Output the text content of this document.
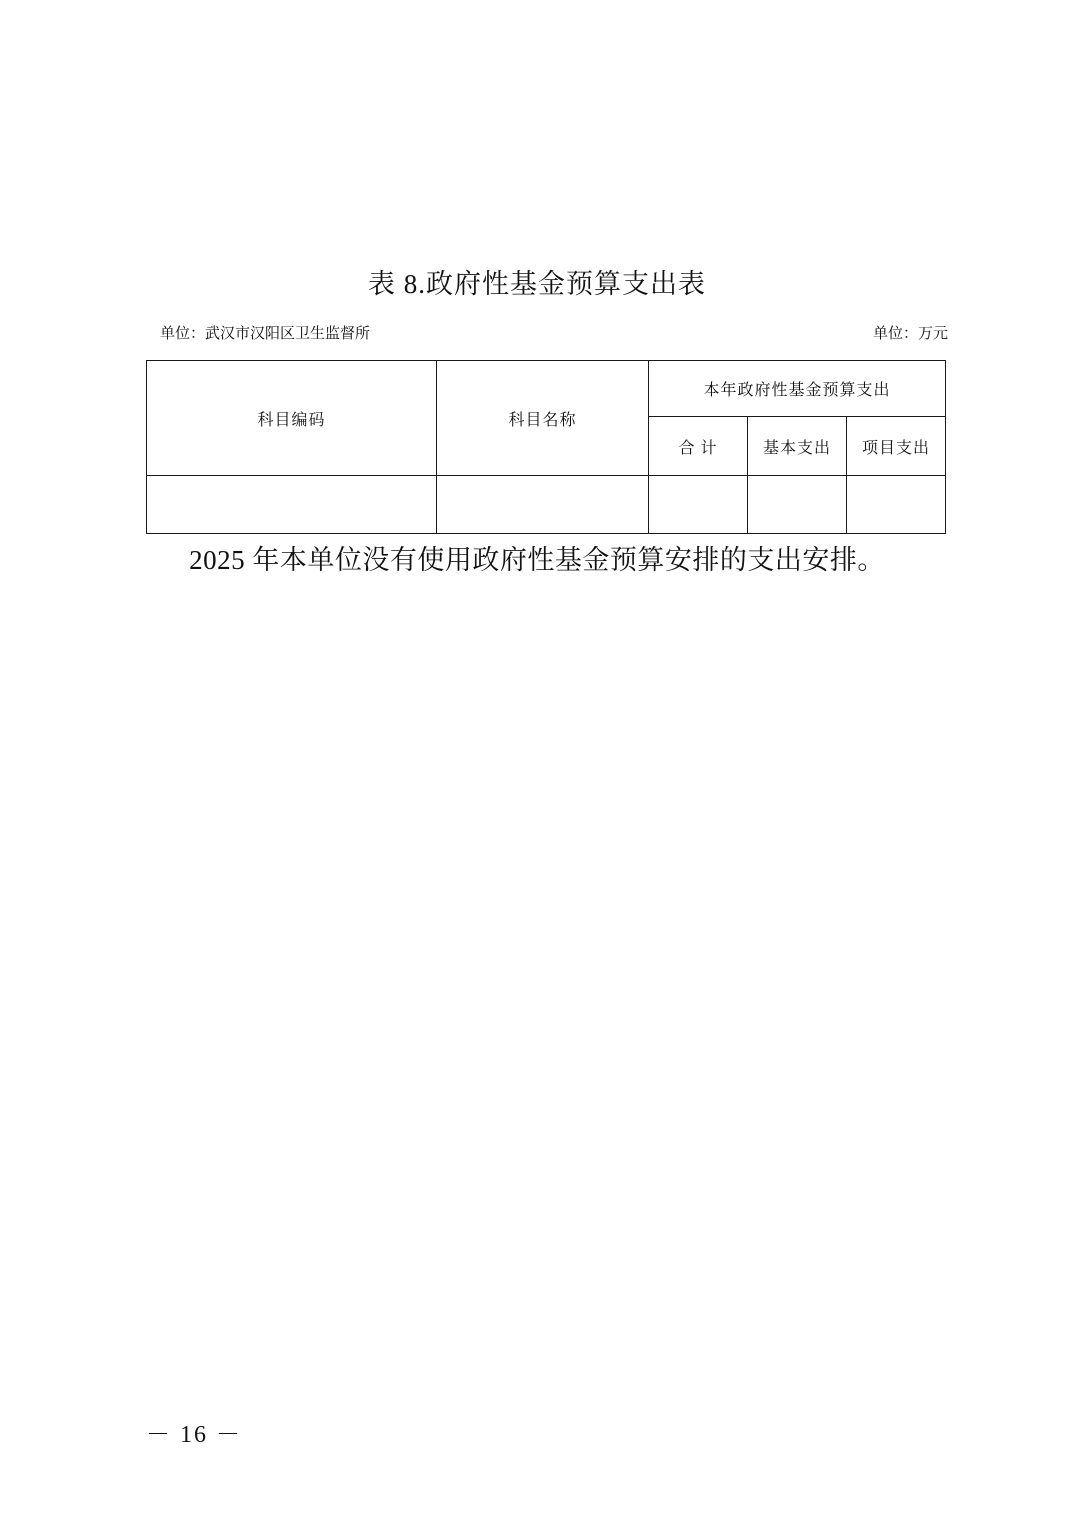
表 8.政府性基金预算支出表
单位：武汉市汉阳区卫生监督所	单位：万元
科目编码	科目名称	本年政府性基金预算支出		
		合 计	基本支出	项目支出

2025 年本单位没有使用政府性基金预算安排的支出安排。
－ 16 －
